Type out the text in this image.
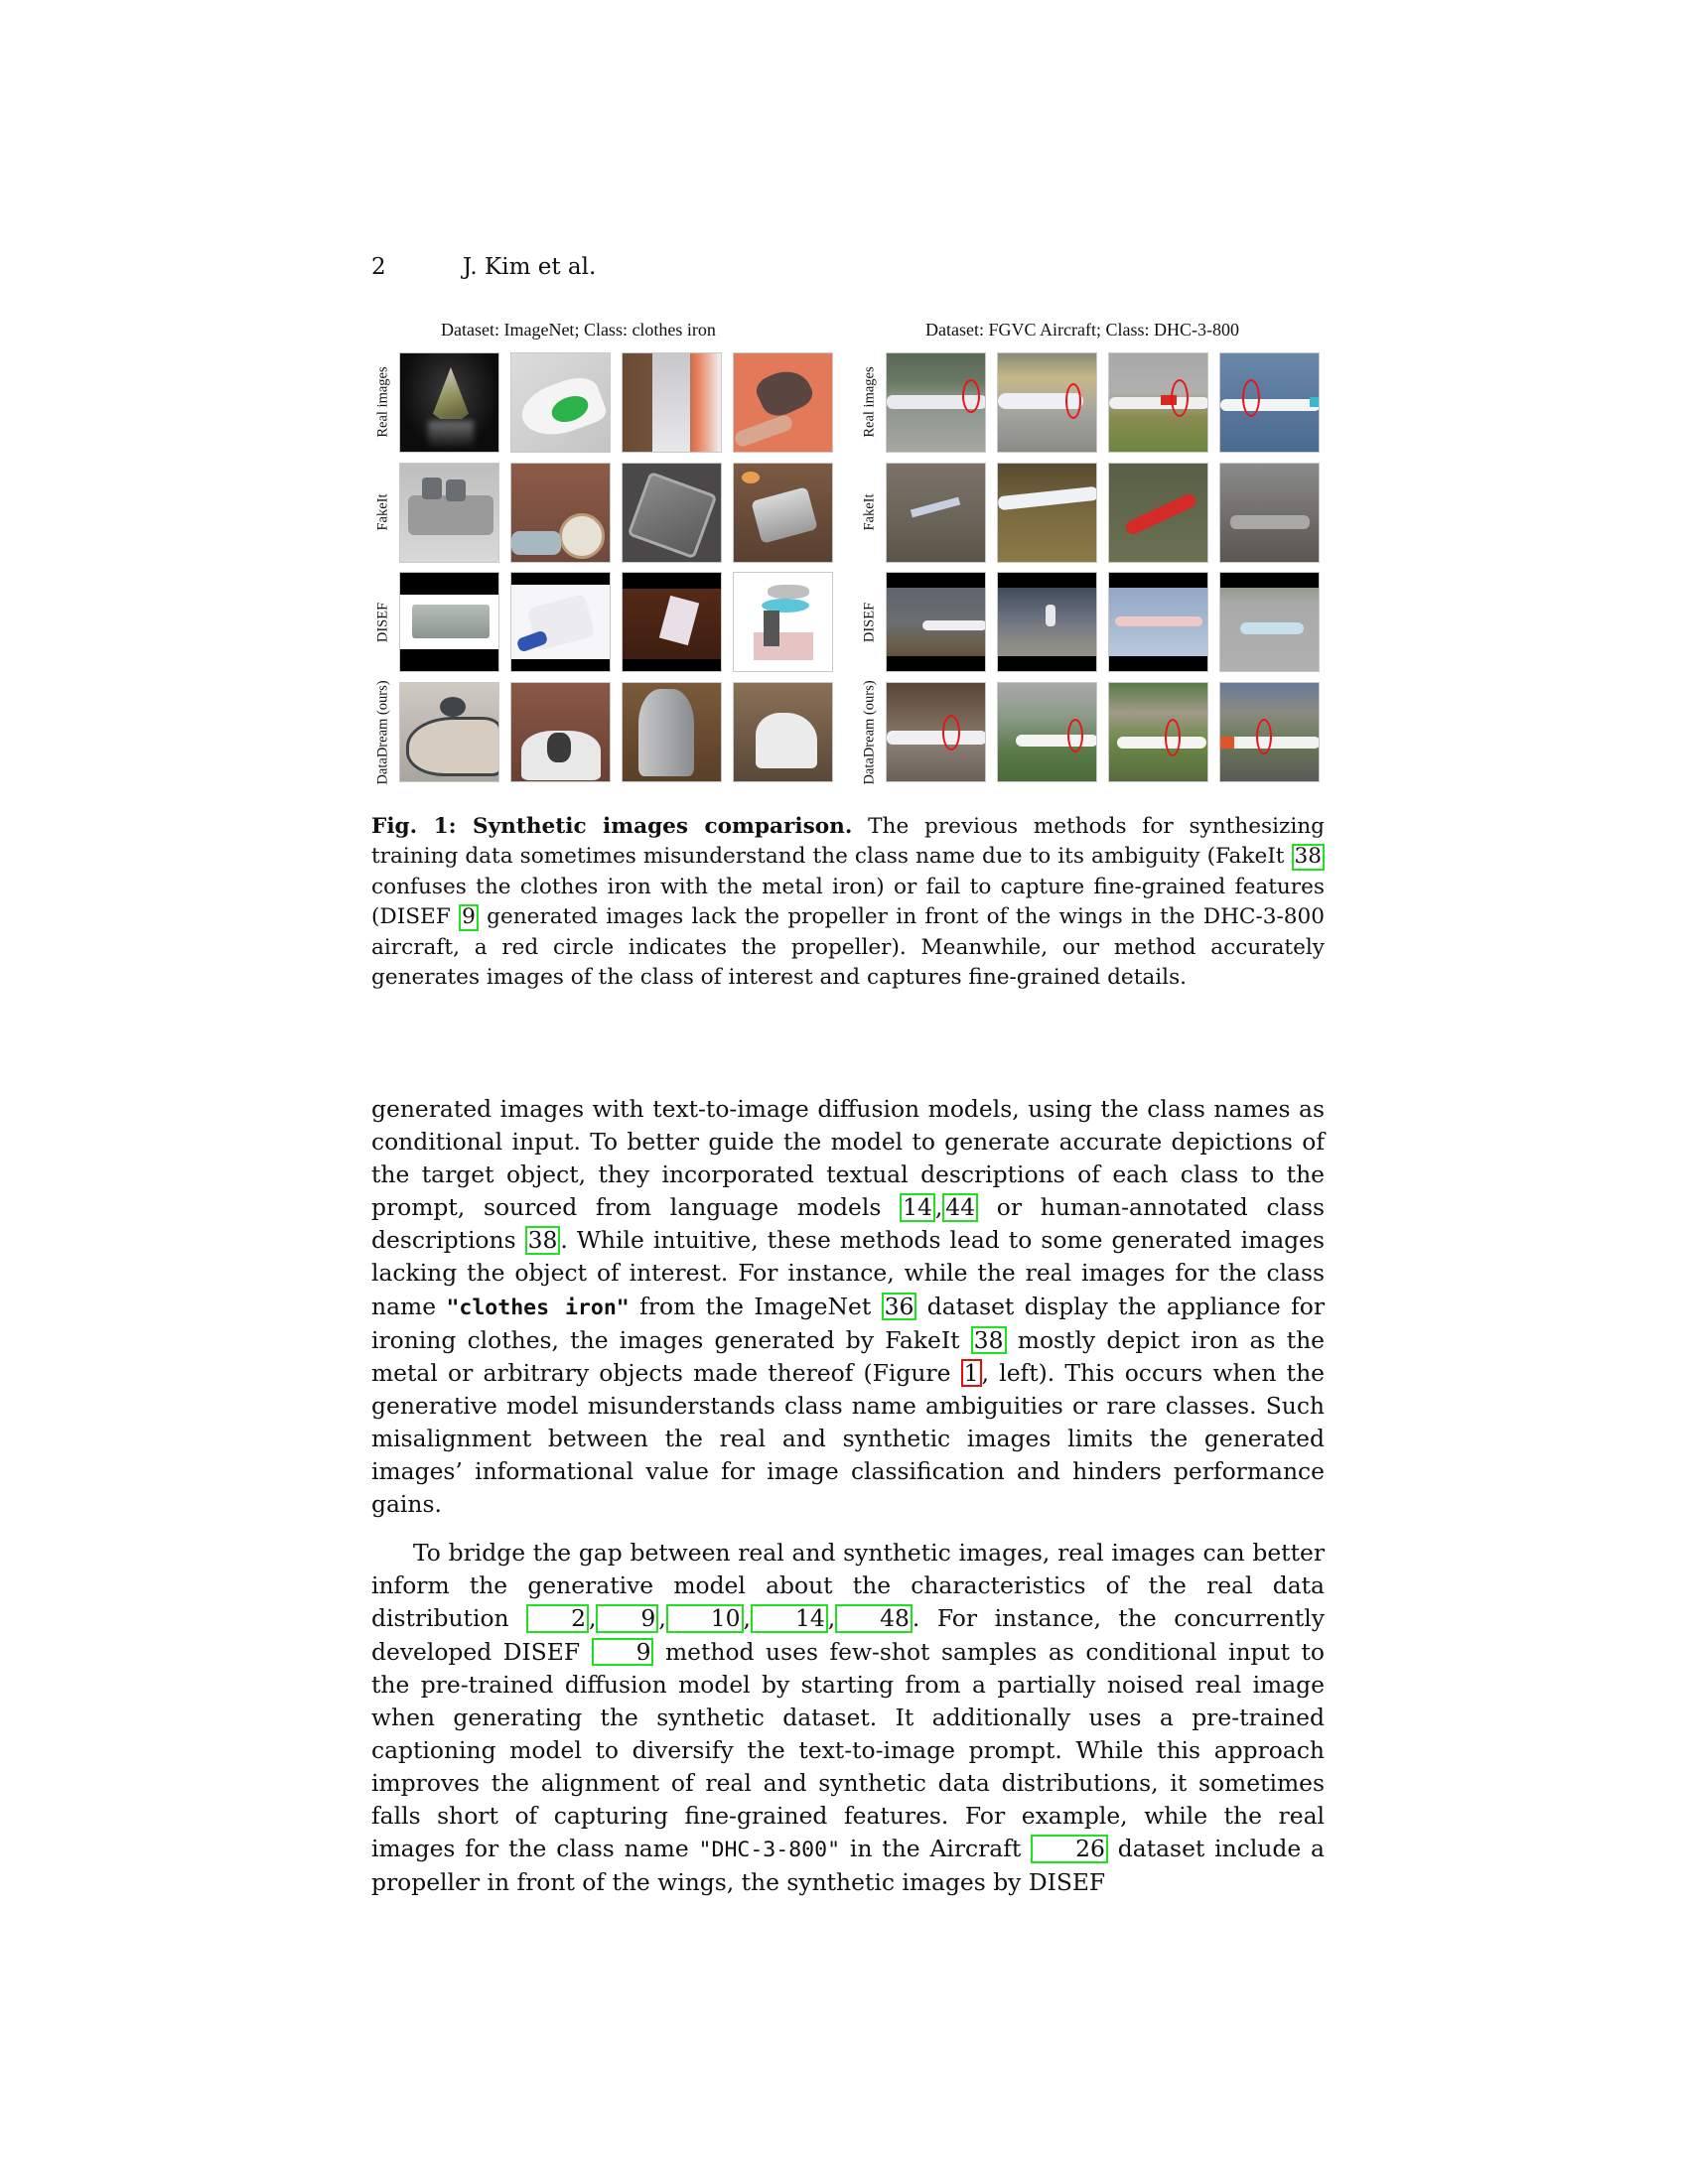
2	J. Kim et al.
Dataset: ImageNet; Class: clothes iron	Dataset: FGVC Aircraft; Class: DHC-3-800
Real images
FakeIt
DISEF
DataDream (ours)
Real images
FakeIt
DISEF
DataDream (ours)
Fig. 1: Synthetic images comparison. The previous methods for synthesizing training data sometimes misunderstand the class name due to its ambiguity (FakeIt 38 confuses the clothes iron with the metal iron) or fail to capture fine-grained features (DISEF 9 generated images lack the propeller in front of the wings in the DHC-3-800 aircraft, a red circle indicates the propeller). Meanwhile, our method accurately generates images of the class of interest and captures fine-grained details.

generated images with text-to-image diffusion models, using the class names as conditional input. To better guide the model to generate accurate depictions of the target object, they incorporated textual descriptions of each class to the prompt, sourced from language models 14 , 44 or human-annotated class descriptions 38 . While intuitive, these methods lead to some generated images lacking the object of interest. For instance, while the real images for the class name "clothes iron" from the ImageNet 36 dataset display the appliance for ironing clothes, the images generated by FakeIt 38 mostly depict iron as the metal or arbitrary objects made thereof (Figure 1 , left). This occurs when the generative model misunderstands class name ambiguities or rare classes. Such misalignment between the real and synthetic images limits the generated images’ informational value for image classification and hinders performance gains.

To bridge the gap between real and synthetic images, real images can better inform the generative model about the characteristics of the real data distribution 2 , 9 , 10 , 14 , 48 . For instance, the concurrently developed DISEF 9 method uses few-shot samples as conditional input to the pre-trained diffusion model by starting from a partially noised real image when generating the synthetic dataset. It additionally uses a pre-trained captioning model to diversify the text-to-image prompt. While this approach improves the alignment of real and synthetic data distributions, it sometimes falls short of capturing fine-grained features. For example, while the real images for the class name "DHC-3-800" in the Aircraft 26 dataset include a propeller in front of the wings, the synthetic images by DISEF
